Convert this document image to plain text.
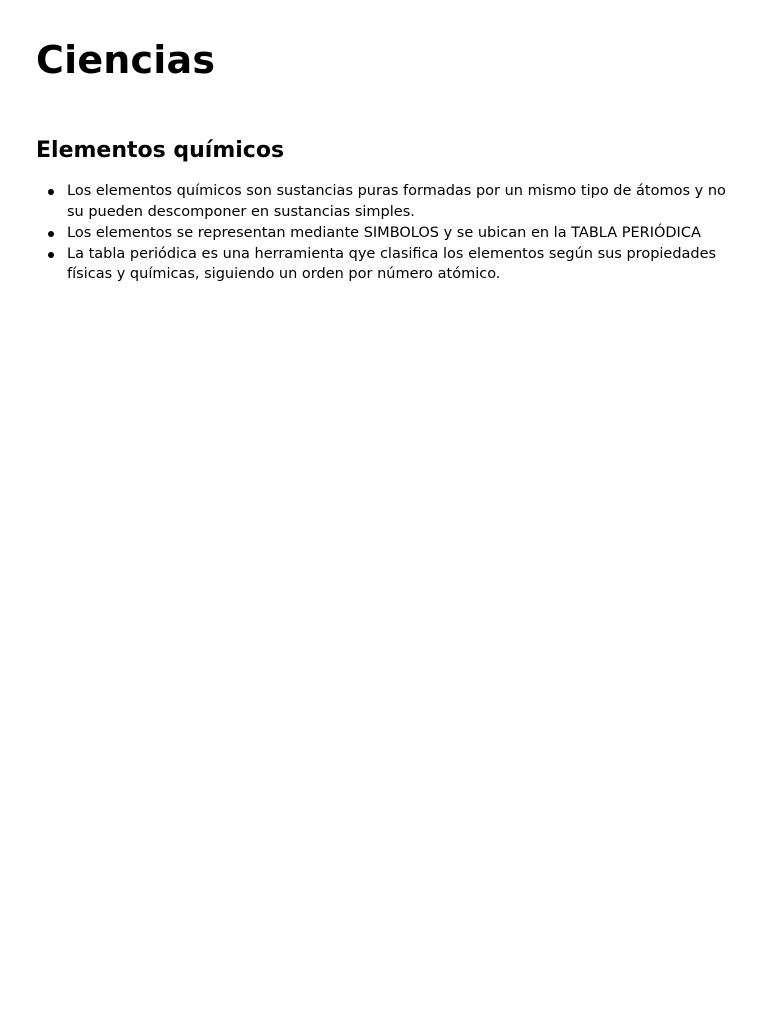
Ciencias
Elementos químicos
Los elementos químicos son sustancias puras formadas por un mismo tipo de átomos y no su pueden descomponer en sustancias simples.
Los elementos se representan mediante SIMBOLOS y se ubican en la TABLA PERIÓDICA
La tabla periódica es una herramienta qye clasifica los elementos según sus propiedades físicas y químicas, siguiendo un orden por número atómico.
